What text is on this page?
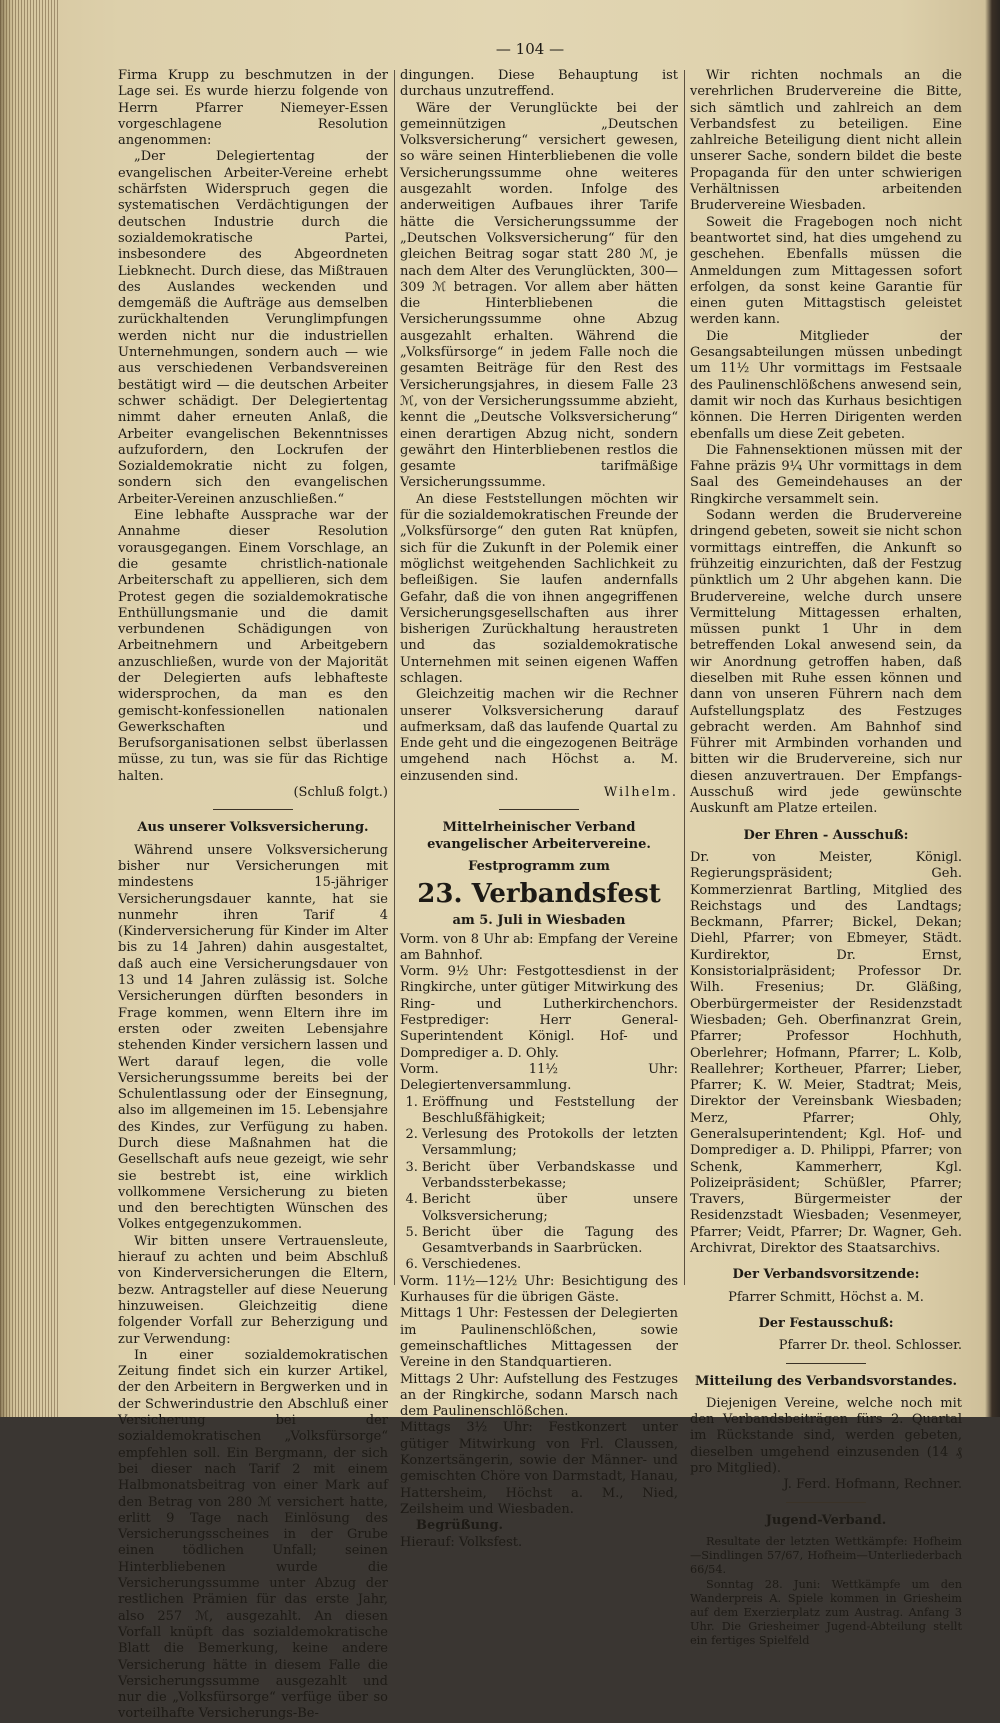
— 104 —

Firma Krupp zu beschmutzen in der Lage sei. Es wurde hierzu folgende von Herrn Pfarrer Niemeyer-Essen vorgeschlagene Resolution angenommen:

„Der Delegiertentag der evangelischen Arbeiter-Vereine erhebt schärfsten Widerspruch gegen die systematischen Verdächtigungen der deutschen Industrie durch die sozialdemokratische Partei, insbesondere des Abgeordneten Liebknecht. Durch diese, das Mißtrauen des Auslandes weckenden und demgemäß die Aufträge aus demselben zurückhaltenden Verunglimpfungen werden nicht nur die industriellen Unternehmungen, sondern auch — wie aus verschiedenen Verbandsvereinen bestätigt wird — die deutschen Arbeiter schwer schädigt. Der Delegiertentag nimmt daher erneuten Anlaß, die Arbeiter evangelischen Bekenntnisses aufzufordern, den Lockrufen der Sozialdemokratie nicht zu folgen, sondern sich den evangelischen Arbeiter-Vereinen anzuschließen.“

Eine lebhafte Aussprache war der Annahme dieser Resolution vorausgegangen. Einem Vorschlage, an die gesamte christlich-nationale Arbeiterschaft zu appellieren, sich dem Protest gegen die sozialdemokratische Enthüllungsmanie und die damit verbundenen Schädigungen von Arbeitnehmern und Arbeitgebern anzuschließen, wurde von der Majorität der Delegierten aufs lebhafteste widersprochen, da man es den gemischt-konfessionellen nationalen Gewerkschaften und Berufsorganisationen selbst überlassen müsse, zu tun, was sie für das Richtige halten.

(Schluß folgt.)

Aus unserer Volksversicherung.

Während unsere Volksversicherung bisher nur Versicherungen mit mindestens 15-jähriger Versicherungsdauer kannte, hat sie nunmehr ihren Tarif 4 (Kinderversicherung für Kinder im Alter bis zu 14 Jahren) dahin ausgestaltet, daß auch eine Versicherungsdauer von 13 und 14 Jahren zulässig ist. Solche Versicherungen dürften besonders in Frage kommen, wenn Eltern ihre im ersten oder zweiten Lebensjahre stehenden Kinder versichern lassen und Wert darauf legen, die volle Versicherungssumme bereits bei der Schulentlassung oder der Einsegnung, also im allgemeinen im 15. Lebensjahre des Kindes, zur Verfügung zu haben. Durch diese Maßnahmen hat die Gesellschaft aufs neue gezeigt, wie sehr sie bestrebt ist, eine wirklich vollkommene Versicherung zu bieten und den berechtigten Wünschen des Volkes entgegenzukommen.

Wir bitten unsere Vertrauensleute, hierauf zu achten und beim Abschluß von Kinderversicherungen die Eltern, bezw. Antragsteller auf diese Neuerung hinzuweisen. Gleichzeitig diene folgender Vorfall zur Beherzigung und zur Verwendung:

In einer sozialdemokratischen Zeitung findet sich ein kurzer Artikel, der den Arbeitern in Bergwerken und in der Schwerindustrie den Abschluß einer Versicherung bei der sozialdemokratischen „Volksfürsorge“ empfehlen soll. Ein Bergmann, der sich bei dieser nach Tarif 2 mit einem Halbmonatsbeitrag von einer Mark auf den Betrag von 280 ℳ versichert hatte, erlitt 9 Tage nach Einlösung des Versicherungsscheines in der Grube einen tödlichen Unfall; seinen Hinterbliebenen wurde die Versicherungssumme unter Abzug der restlichen Prämien für das erste Jahr, also 257 ℳ, ausgezahlt. An diesen Vorfall knüpft das sozialdemokratische Blatt die Bemerkung, keine andere Versicherung hätte in diesem Falle die Versicherungssumme ausgezahlt und nur die „Volksfürsorge“ verfüge über so vorteilhafte Versicherungs-Be-

dingungen. Diese Behauptung ist durchaus unzutreffend.

Wäre der Verunglückte bei der gemeinnützigen „Deutschen Volksversicherung“ versichert gewesen, so wäre seinen Hinterbliebenen die volle Versicherungssumme ohne weiteres ausgezahlt worden. Infolge des anderweitigen Aufbaues ihrer Tarife hätte die Versicherungssumme der „Deutschen Volksversicherung“ für den gleichen Beitrag sogar statt 280 ℳ, je nach dem Alter des Verunglückten, 300—309 ℳ betragen. Vor allem aber hätten die Hinterbliebenen die Versicherungssumme ohne Abzug ausgezahlt erhalten. Während die „Volksfürsorge“ in jedem Falle noch die gesamten Beiträge für den Rest des Versicherungsjahres, in diesem Falle 23 ℳ, von der Versicherungssumme abzieht, kennt die „Deutsche Volksversicherung“ einen derartigen Abzug nicht, sondern gewährt den Hinterbliebenen restlos die gesamte tarifmäßige Versicherungssumme.

An diese Feststellungen möchten wir für die sozialdemokratischen Freunde der „Volksfürsorge“ den guten Rat knüpfen, sich für die Zukunft in der Polemik einer möglichst weitgehenden Sachlichkeit zu befleißigen. Sie laufen andernfalls Gefahr, daß die von ihnen angegriffenen Versicherungsgesellschaften aus ihrer bisherigen Zurückhaltung heraustreten und das sozialdemokratische Unternehmen mit seinen eigenen Waffen schlagen.

Gleichzeitig machen wir die Rechner unserer Volksversicherung darauf aufmerksam, daß das laufende Quartal zu Ende geht und die eingezogenen Beiträge umgehend nach Höchst a. M. einzusenden sind.

Wilhelm.

Mittelrheinischer Verband evangelischer Arbeitervereine.
Festprogramm zum
23. Verbandsfest
am 5. Juli in Wiesbaden

Vorm. von 8 Uhr ab: Empfang der Vereine am Bahnhof.

Vorm. 9½ Uhr: Festgottesdienst in der Ringkirche, unter gütiger Mitwirkung des Ring- und Lutherkirchenchors. Festprediger: Herr General-Superintendent Königl. Hof- und Domprediger a. D. Ohly.

Vorm. 11½ Uhr: Delegiertenversammlung.

1. Eröffnung und Feststellung der Beschlußfähigkeit;
2. Verlesung des Protokolls der letzten Versammlung;
3. Bericht über Verbandskasse und Verbandssterbekasse;
4. Bericht über unsere Volksversicherung;
5. Bericht über die Tagung des Gesamtverbands in Saarbrücken.
6. Verschiedenes.

Vorm. 11½—12½ Uhr: Besichtigung des Kurhauses für die übrigen Gäste.

Mittags 1 Uhr: Festessen der Delegierten im Paulinenschlößchen, sowie gemeinschaftliches Mittagessen der Vereine in den Standquartieren.

Mittags 2 Uhr: Aufstellung des Festzuges an der Ringkirche, sodann Marsch nach dem Paulinenschlößchen.

Mittags 3½ Uhr: Festkonzert unter gütiger Mitwirkung von Frl. Claussen, Konzertsängerin, sowie der Männer- und gemischten Chöre von Darmstadt, Hanau, Hattersheim, Höchst a. M., Nied, Zeilsheim und Wiesbaden.

Begrüßung.

Hierauf: Volksfest.

Wir richten nochmals an die verehrlichen Brudervereine die Bitte, sich sämtlich und zahlreich an dem Verbandsfest zu beteiligen. Eine zahlreiche Beteiligung dient nicht allein unserer Sache, sondern bildet die beste Propaganda für den unter schwierigen Verhältnissen arbeitenden Brudervereine Wiesbaden.

Soweit die Fragebogen noch nicht beantwortet sind, hat dies umgehend zu geschehen. Ebenfalls müssen die Anmeldungen zum Mittagessen sofort erfolgen, da sonst keine Garantie für einen guten Mittagstisch geleistet werden kann.

Die Mitglieder der Gesangsabteilungen müssen unbedingt um 11½ Uhr vormittags im Festsaale des Paulinenschlößchens anwesend sein, damit wir noch das Kurhaus besichtigen können. Die Herren Dirigenten werden ebenfalls um diese Zeit gebeten.

Die Fahnensektionen müssen mit der Fahne präzis 9¼ Uhr vormittags in dem Saal des Gemeindehauses an der Ringkirche versammelt sein.

Sodann werden die Brudervereine dringend gebeten, soweit sie nicht schon vormittags eintreffen, die Ankunft so frühzeitig einzurichten, daß der Festzug pünktlich um 2 Uhr abgehen kann. Die Brudervereine, welche durch unsere Vermittelung Mittagessen erhalten, müssen punkt 1 Uhr in dem betreffenden Lokal anwesend sein, da wir Anordnung getroffen haben, daß dieselben mit Ruhe essen können und dann von unseren Führern nach dem Aufstellungsplatz des Festzuges gebracht werden. Am Bahnhof sind Führer mit Armbinden vorhanden und bitten wir die Brudervereine, sich nur diesen anzuvertrauen. Der Empfangs-Ausschuß wird jede gewünschte Auskunft am Platze erteilen.

Der Ehren - Ausschuß:

Dr. von Meister, Königl. Regierungspräsident; Geh. Kommerzienrat Bartling, Mitglied des Reichstags und des Landtags; Beckmann, Pfarrer; Bickel, Dekan; Diehl, Pfarrer; von Ebmeyer, Städt. Kurdirektor, Dr. Ernst, Konsistorialpräsident; Professor Dr. Wilh. Fresenius; Dr. Gläßing, Oberbürgermeister der Residenzstadt Wiesbaden; Geh. Oberfinanzrat Grein, Pfarrer; Professor Hochhuth, Oberlehrer; Hofmann, Pfarrer; L. Kolb, Reallehrer; Kortheuer, Pfarrer; Lieber, Pfarrer; K. W. Meier, Stadtrat; Meis, Direktor der Vereinsbank Wiesbaden; Merz, Pfarrer; Ohly, Generalsuperintendent; Kgl. Hof- und Domprediger a. D. Philippi, Pfarrer; von Schenk, Kammerherr, Kgl. Polizeipräsident; Schüßler, Pfarrer; Travers, Bürgermeister der Residenzstadt Wiesbaden; Vesenmeyer, Pfarrer; Veidt, Pfarrer; Dr. Wagner, Geh. Archivrat, Direktor des Staatsarchivs.

Der Verbandsvorsitzende:

Pfarrer Schmitt, Höchst a. M.

Der Festausschuß:

Pfarrer Dr. theol. Schlosser.

Mitteilung des Verbandsvorstandes.

Diejenigen Vereine, welche noch mit den Verbandsbeiträgen fürs 2. Quartal im Rückstande sind, werden gebeten, dieselben umgehend einzusenden (14 ₰ pro Mitglied).

J. Ferd. Hofmann, Rechner.

Jugend-Verband.

Resultate der letzten Wettkämpfe: Hofheim—Sindlingen 57/67, Hofheim—Unterliederbach 66/54.

Sonntag 28. Juni: Wettkämpfe um den Wanderpreis A. Spiele kommen in Griesheim auf dem Exerzierplatz zum Austrag. Anfang 3 Uhr. Die Griesheimer Jugend-Abteilung stellt ein fertiges Spielfeld
